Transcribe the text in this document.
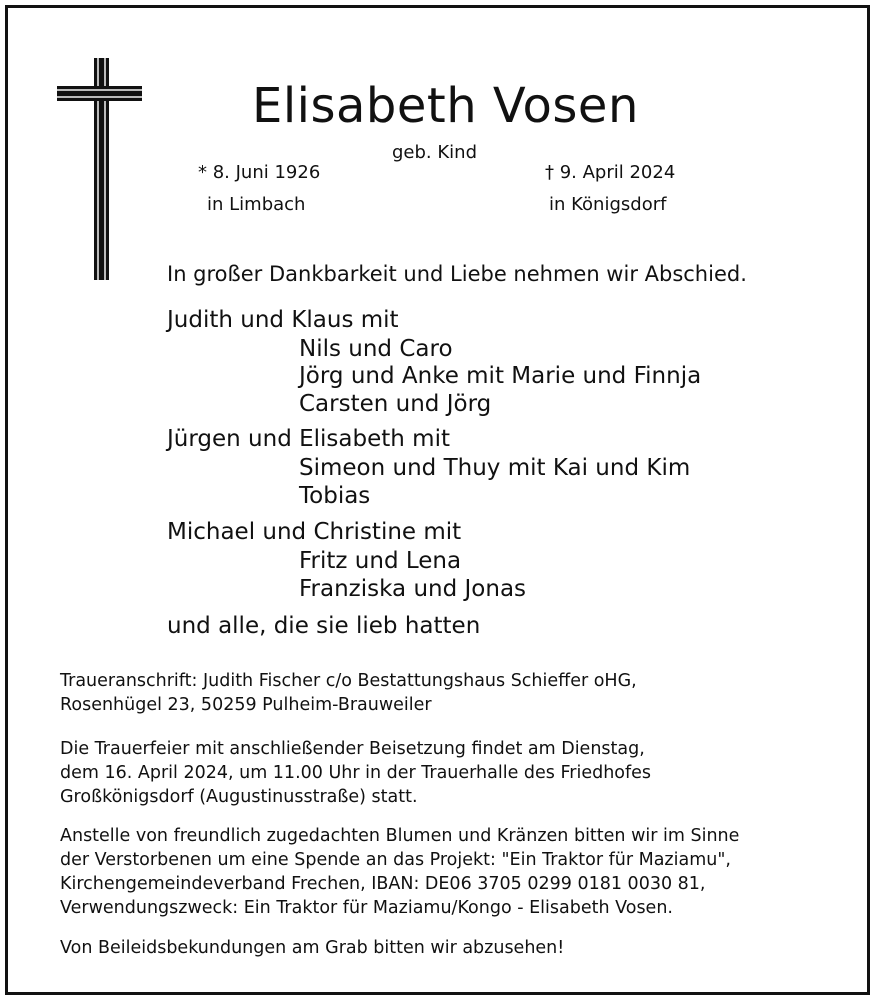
Elisabeth Vosen
geb. Kind
* 8. Juni 1926
in Limbach
† 9. April 2024
in Königsdorf
In großer Dankbarkeit und Liebe nehmen wir Abschied.
Judith und Klaus mit
Nils und Caro
Jörg und Anke mit Marie und Finnja
Carsten und Jörg
Jürgen und Elisabeth mit
Simeon und Thuy mit Kai und Kim
Tobias
Michael und Christine mit
Fritz und Lena
Franziska und Jonas
und alle, die sie lieb hatten
Traueranschrift: Judith Fischer c/o Bestattungshaus Schieffer oHG,
Rosenhügel 23, 50259 Pulheim-Brauweiler
Die Trauerfeier mit anschließender Beisetzung findet am Dienstag,
dem 16. April 2024, um 11.00 Uhr in der Trauerhalle des Friedhofes
Großkönigsdorf (Augustinusstraße) statt.
Anstelle von freundlich zugedachten Blumen und Kränzen bitten wir im Sinne
der Verstorbenen um eine Spende an das Projekt: "Ein Traktor für Maziamu",
Kirchengemeindeverband Frechen, IBAN: DE06 3705 0299 0181 0030 81,
Verwendungszweck: Ein Traktor für Maziamu/Kongo - Elisabeth Vosen.
Von Beileidsbekundungen am Grab bitten wir abzusehen!
